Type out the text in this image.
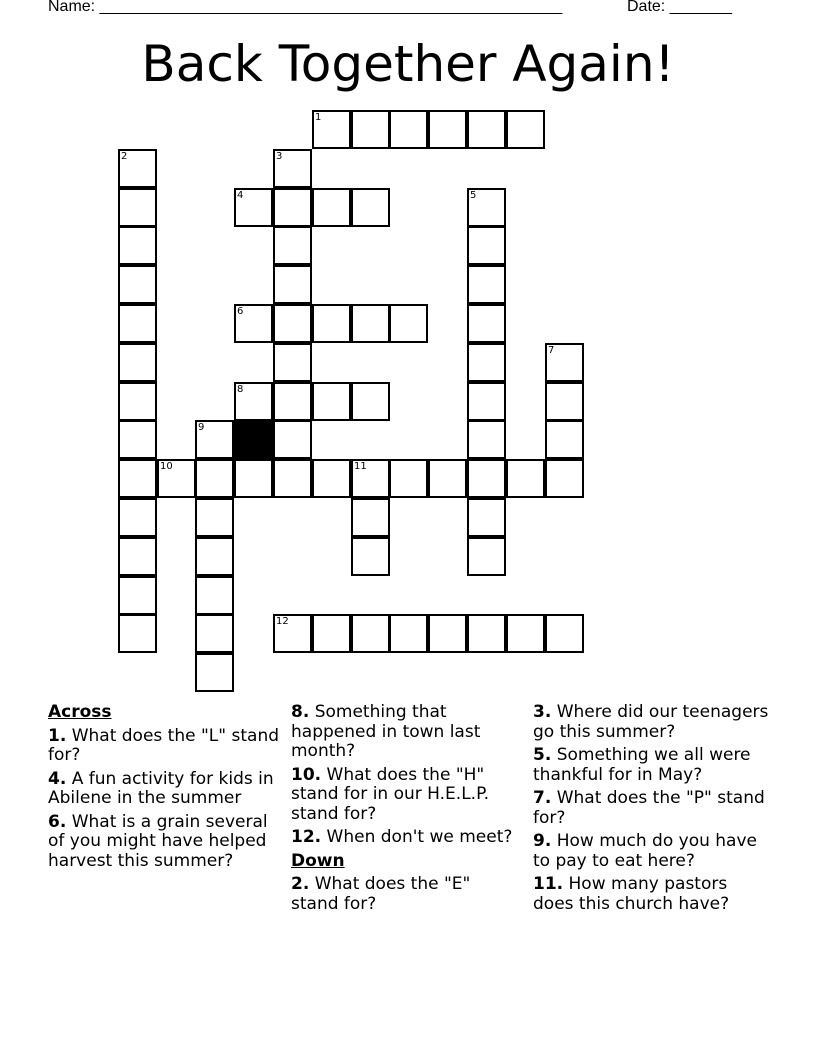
Name: ____________________________________________________	Date: _______
Back Together Again!
1
2	3
4	5
6
7
8
9
10	11
12
Across
1. What does the "L" stand for?
4. A fun activity for kids in Abilene in the summer
6. What is a grain several of you might have helped harvest this summer?
8. Something that happened in town last month?
10. What does the "H" stand for in our H.E.L.P. stand for?
12. When don't we meet?
Down
2. What does the "E" stand for?
3. Where did our teenagers go this summer?
5. Something we all were thankful for in May?
7. What does the "P" stand for?
9. How much do you have to pay to eat here?
11. How many pastors does this church have?
